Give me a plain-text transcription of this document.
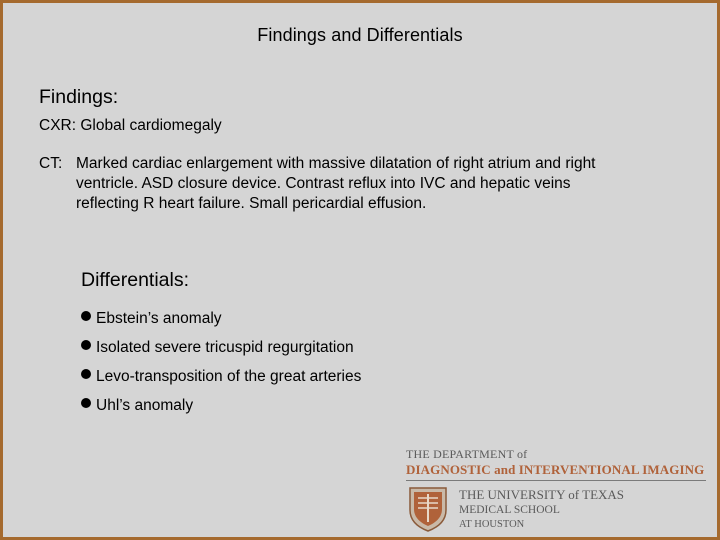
Findings and Differentials
Findings:
CXR: Global cardiomegaly
CT: Marked cardiac enlargement with massive dilatation of right atrium and right
ventricle. ASD closure device. Contrast reflux into IVC and hepatic veins
reflecting R heart failure. Small pericardial effusion.
Differentials:
Ebstein’s anomaly
Isolated severe tricuspid regurgitation
Levo-transposition of the great arteries
Uhl’s anomaly
THE DEPARTMENT of
DIAGNOSTIC and INTERVENTIONAL IMAGING
THE UNIVERSITY of TEXAS
MEDICAL SCHOOL
AT HOUSTON
